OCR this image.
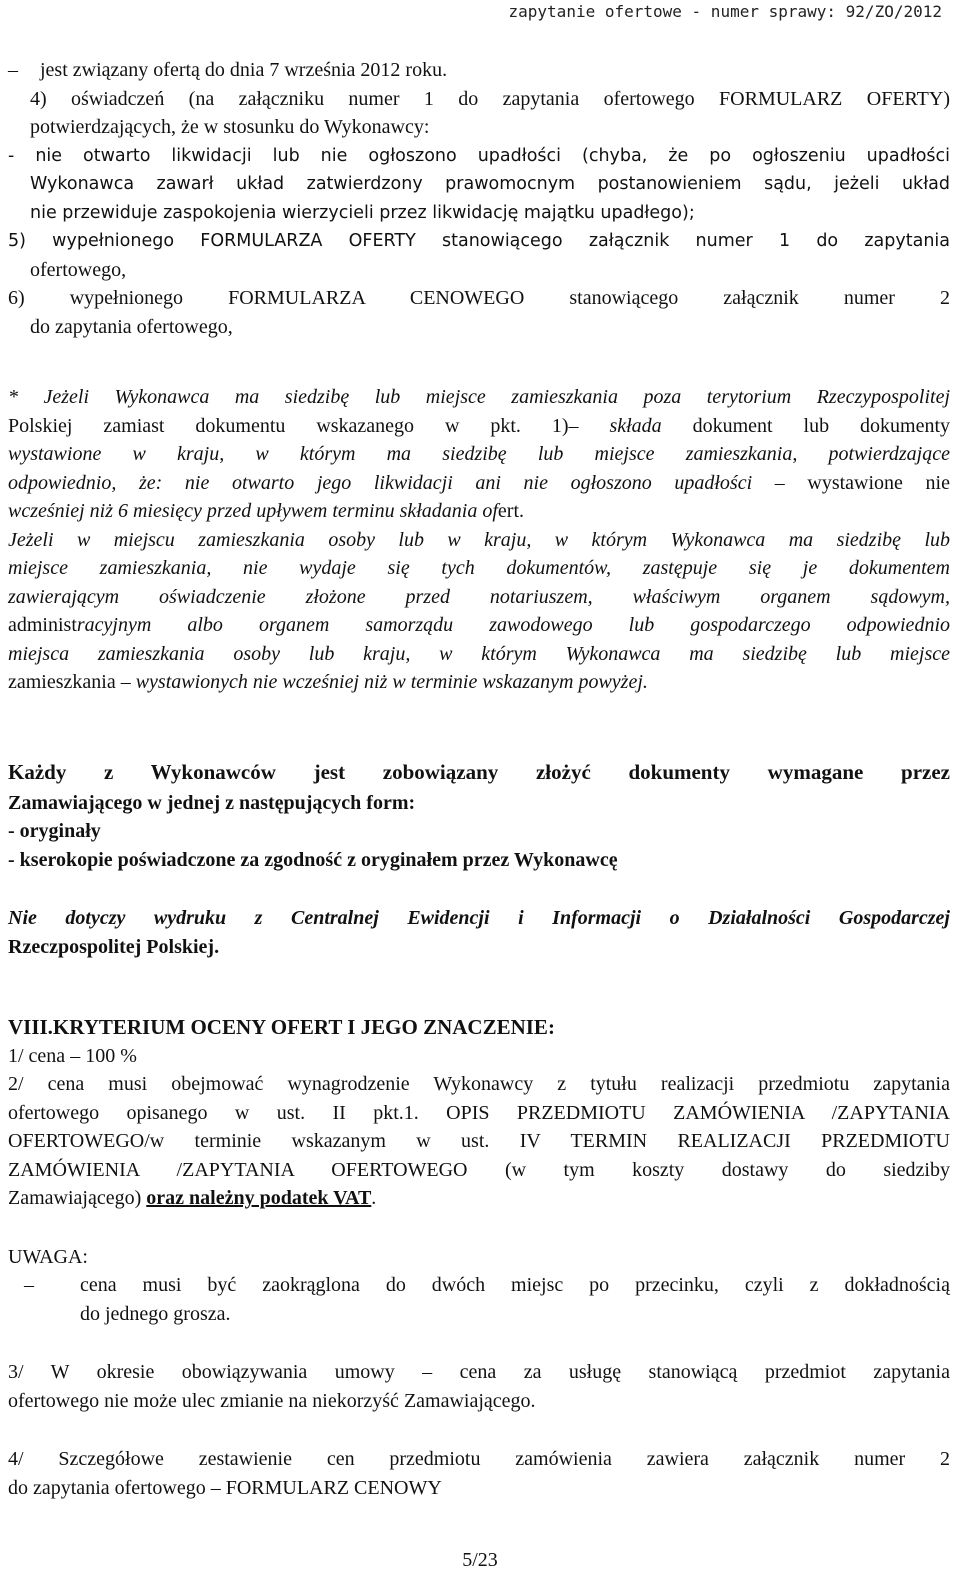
zapytanie ofertowe - numer sprawy: 92/ZO/2012
– jest związany ofertą do dnia 7 września 2012 roku.
4) oświadczeń (na załączniku numer 1 do zapytania ofertowego FORMULARZ OFERTY)
potwierdzających, że w stosunku do Wykonawcy:
- nie otwarto likwidacji lub nie ogłoszono upadłości (chyba, że po ogłoszeniu upadłości
Wykonawca zawarł układ zatwierdzony prawomocnym postanowieniem sądu, jeżeli układ
nie przewiduje zaspokojenia wierzycieli przez likwidację majątku upadłego);
5) wypełnionego FORMULARZA OFERTY stanowiącego załącznik numer 1 do zapytania
ofertowego,
6) wypełnionego FORMULARZA CENOWEGO stanowiącego załącznik numer 2
do zapytania ofertowego,
* Jeżeli Wykonawca ma siedzibę lub miejsce zamieszkania poza terytorium Rzeczypospolitej
Polskiej zamiast dokumentu wskazanego w pkt. 1)– składa dokument lub dokumenty
wystawione w kraju, w którym ma siedzibę lub miejsce zamieszkania, potwierdzające
odpowiednio, że: nie otwarto jego likwidacji ani nie ogłoszono upadłości – wystawione nie
wcześniej niż 6 miesięcy przed upływem terminu składania ofert.
Jeżeli w miejscu zamieszkania osoby lub w kraju, w którym Wykonawca ma siedzibę lub
miejsce zamieszkania, nie wydaje się tych dokumentów, zastępuje się je dokumentem
zawierającym oświadczenie złożone przed notariuszem, właściwym organem sądowym,
administracyjnym albo organem samorządu zawodowego lub gospodarczego odpowiednio
miejsca zamieszkania osoby lub kraju, w którym Wykonawca ma siedzibę lub miejsce
zamieszkania – wystawionych nie wcześniej niż w terminie wskazanym powyżej.
Każdy z Wykonawców jest zobowiązany złożyć dokumenty wymagane przez
Zamawiającego w jednej z następujących form:
- oryginały
- kserokopie poświadczone za zgodność z oryginałem przez Wykonawcę
Nie dotyczy wydruku z Centralnej Ewidencji i Informacji o Działalności Gospodarczej
Rzeczpospolitej Polskiej.
VIII.KRYTERIUM OCENY OFERT I JEGO ZNACZENIE:
1/ cena – 100 %
2/ cena musi obejmować wynagrodzenie Wykonawcy z tytułu realizacji przedmiotu zapytania
ofertowego opisanego w ust. II pkt.1. OPIS PRZEDMIOTU ZAMÓWIENIA /ZAPYTANIA
OFERTOWEGO/w terminie wskazanym w ust. IV TERMIN REALIZACJI PRZEDMIOTU
ZAMÓWIENIA /ZAPYTANIA OFERTOWEGO (w tym koszty dostawy do siedziby
Zamawiającego) oraz należny podatek VAT.
UWAGA:
– cena musi być zaokrąglona do dwóch miejsc po przecinku, czyli z dokładnością
do jednego grosza.
3/ W okresie obowiązywania umowy – cena za usługę stanowiącą przedmiot zapytania
ofertowego nie może ulec zmianie na niekorzyść Zamawiającego.
4/ Szczegółowe zestawienie cen przedmiotu zamówienia zawiera załącznik numer 2
do zapytania ofertowego – FORMULARZ CENOWY
5/23
